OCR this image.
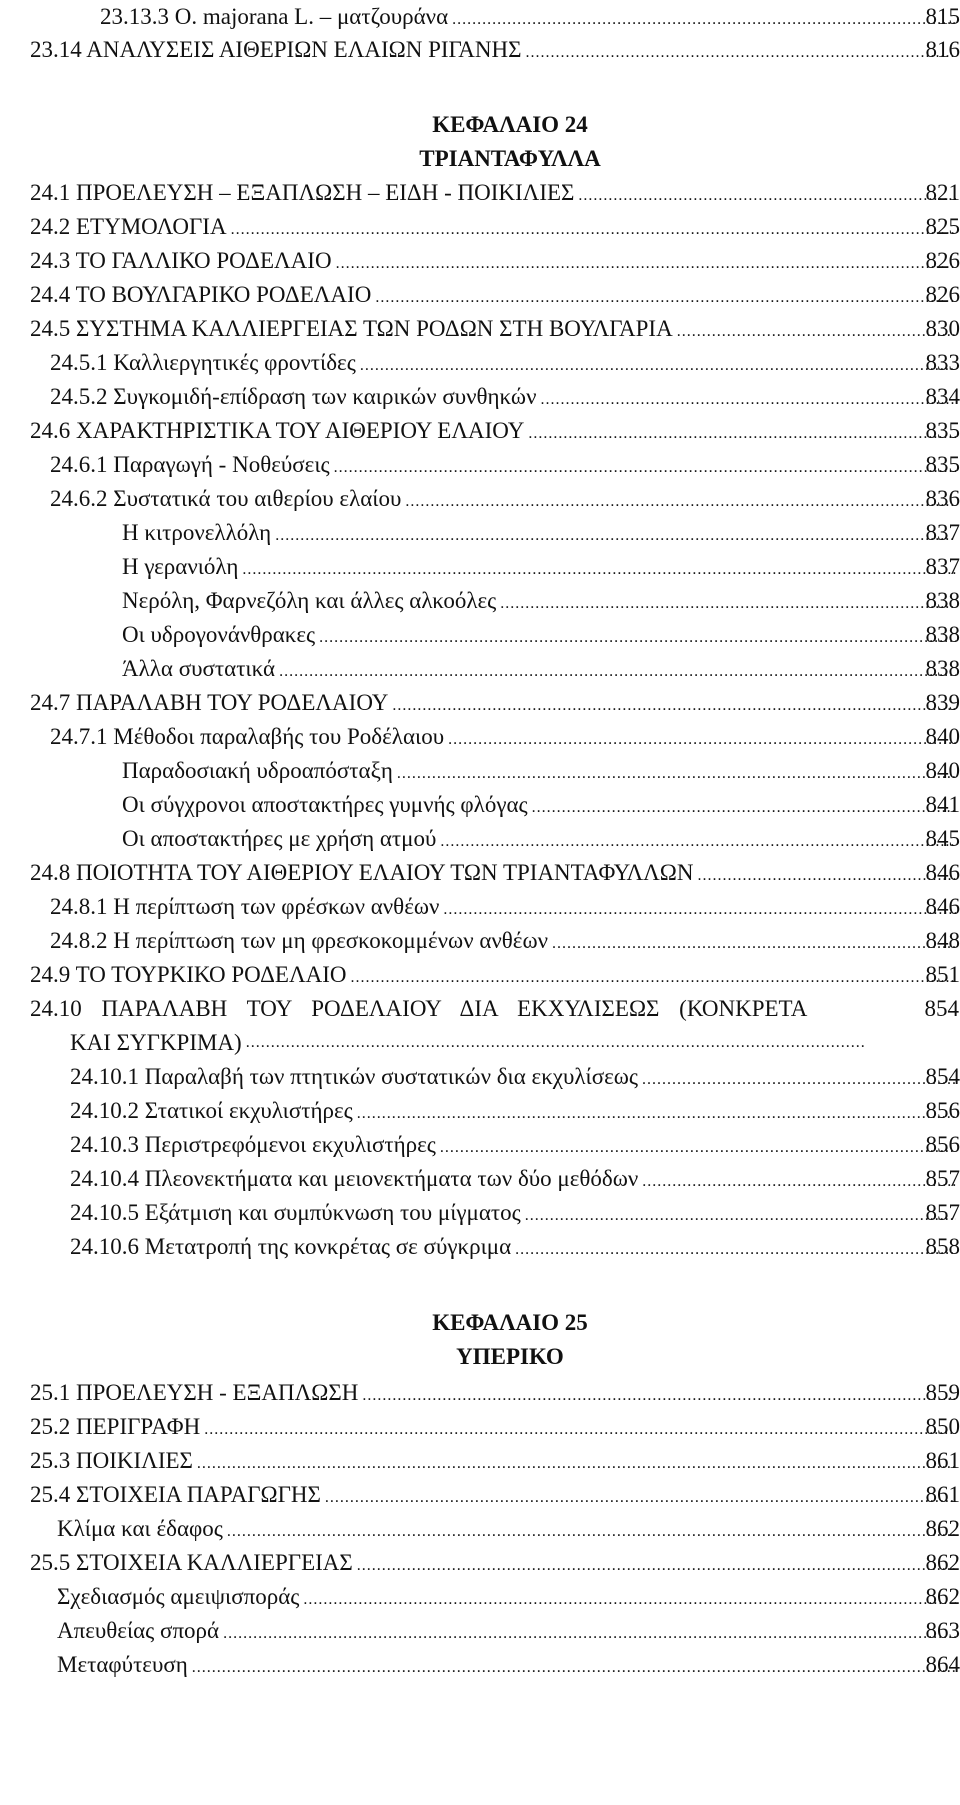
23.13.3 O. majorana L. – ματζουράνα .....	815
23.14 ΑΝΑΛΥΣΕΙΣ ΑΙΘΕΡΙΩΝ ΕΛΑΙΩΝ ΡΙΓΑΝΗΣ .....	816
ΚΕΦΑΛΑΙΟ 24
ΤΡΙΑΝΤΑΦΥΛΛΑ
24.1 ΠΡΟΕΛΕΥΣΗ – ΕΞΑΠΛΩΣΗ – ΕΙΔΗ - ΠΟΙΚΙΛΙΕΣ .....	821
24.2 ΕΤΥΜΟΛΟΓΙΑ .....	825
24.3 ΤΟ ΓΑΛΛΙΚΟ ΡΟΔΕΛΑΙΟ .....	826
24.4 ΤΟ ΒΟΥΛΓΑΡΙΚΟ ΡΟΔΕΛΑΙΟ .....	826
24.5 ΣΥΣΤΗΜΑ ΚΑΛΛΙΕΡΓΕΙΑΣ ΤΩΝ ΡΟΔΩΝ ΣΤΗ ΒΟΥΛΓΑΡΙΑ .....	830
24.5.1 Καλλιεργητικές φροντίδες .....	833
24.5.2 Συγκομιδή-επίδραση των καιρικών συνθηκών .....	834
24.6 ΧΑΡΑΚΤΗΡΙΣΤΙΚΑ ΤΟΥ ΑΙΘΕΡΙΟΥ ΕΛΑΙΟΥ .....	835
24.6.1 Παραγωγή - Νοθεύσεις .....	835
24.6.2 Συστατικά του αιθερίου ελαίου .....	836
Η κιτρονελλόλη .....	837
Η γερανιόλη .....	837
Νερόλη, Φαρνεζόλη και άλλες αλκοόλες .....	838
Οι υδρογονάνθρακες .....	838
Άλλα συστατικά .....	838
24.7 ΠΑΡΑΛΑΒΗ ΤΟΥ ΡΟΔΕΛΑΙΟΥ .....	839
24.7.1 Μέθοδοι παραλαβής του Ροδέλαιου .....	840
Παραδοσιακή υδροαπόσταξη .....	840
Οι σύγχρονοι αποστακτήρες γυμνής φλόγας .....	841
Οι αποστακτήρες με χρήση ατμού .....	845
24.8 ΠΟΙΟΤΗΤΑ ΤΟΥ ΑΙΘΕΡΙΟΥ ΕΛΑΙΟΥ ΤΩΝ ΤΡΙΑΝΤΑΦΥΛΛΩΝ .....	846
24.8.1 Η περίπτωση των φρέσκων ανθέων .....	846
24.8.2 Η περίπτωση των μη φρεσκοκομμένων ανθέων .....	848
24.9 ΤΟ ΤΟΥΡΚΙΚΟ ΡΟΔΕΛΑΙΟ .....	851
24.10 ΠΑΡΑΛΑΒΗ ΤΟΥ ΡΟΔΕΛΑΙΟΥ ΔΙΑ ΕΚΧΥΛΙΣΕΩΣ (ΚΟΝΚΡΕΤΑ	854
ΚΑΙ ΣΥΓΚΡΙΜΑ)
.....
24.10.1 Παραλαβή των πτητικών συστατικών δια εκχυλίσεως .....	854
24.10.2 Στατικοί εκχυλιστήρες .....	856
24.10.3 Περιστρεφόμενοι εκχυλιστήρες .....	856
24.10.4 Πλεονεκτήματα και μειονεκτήματα των δύο μεθόδων .....	857
24.10.5 Εξάτμιση και συμπύκνωση του μίγματος .....	857
24.10.6 Μετατροπή της κονκρέτας σε σύγκριμα .....	858
ΚΕΦΑΛΑΙΟ 25
ΥΠΕΡΙΚΟ
25.1 ΠΡΟΕΛΕΥΣΗ - ΕΞΑΠΛΩΣΗ .....	859
25.2 ΠΕΡΙΓΡΑΦΗ .....	850
25.3 ΠΟΙΚΙΛΙΕΣ .....	861
25.4 ΣΤΟΙΧΕΙΑ ΠΑΡΑΓΩΓΗΣ .....	861
Κλίμα και έδαφος .....	862
25.5 ΣΤΟΙΧΕΙΑ ΚΑΛΛΙΕΡΓΕΙΑΣ .....	862
Σχεδιασμός αμειψισποράς .....	862
Απευθείας σπορά .....	863
Μεταφύτευση .....	864
